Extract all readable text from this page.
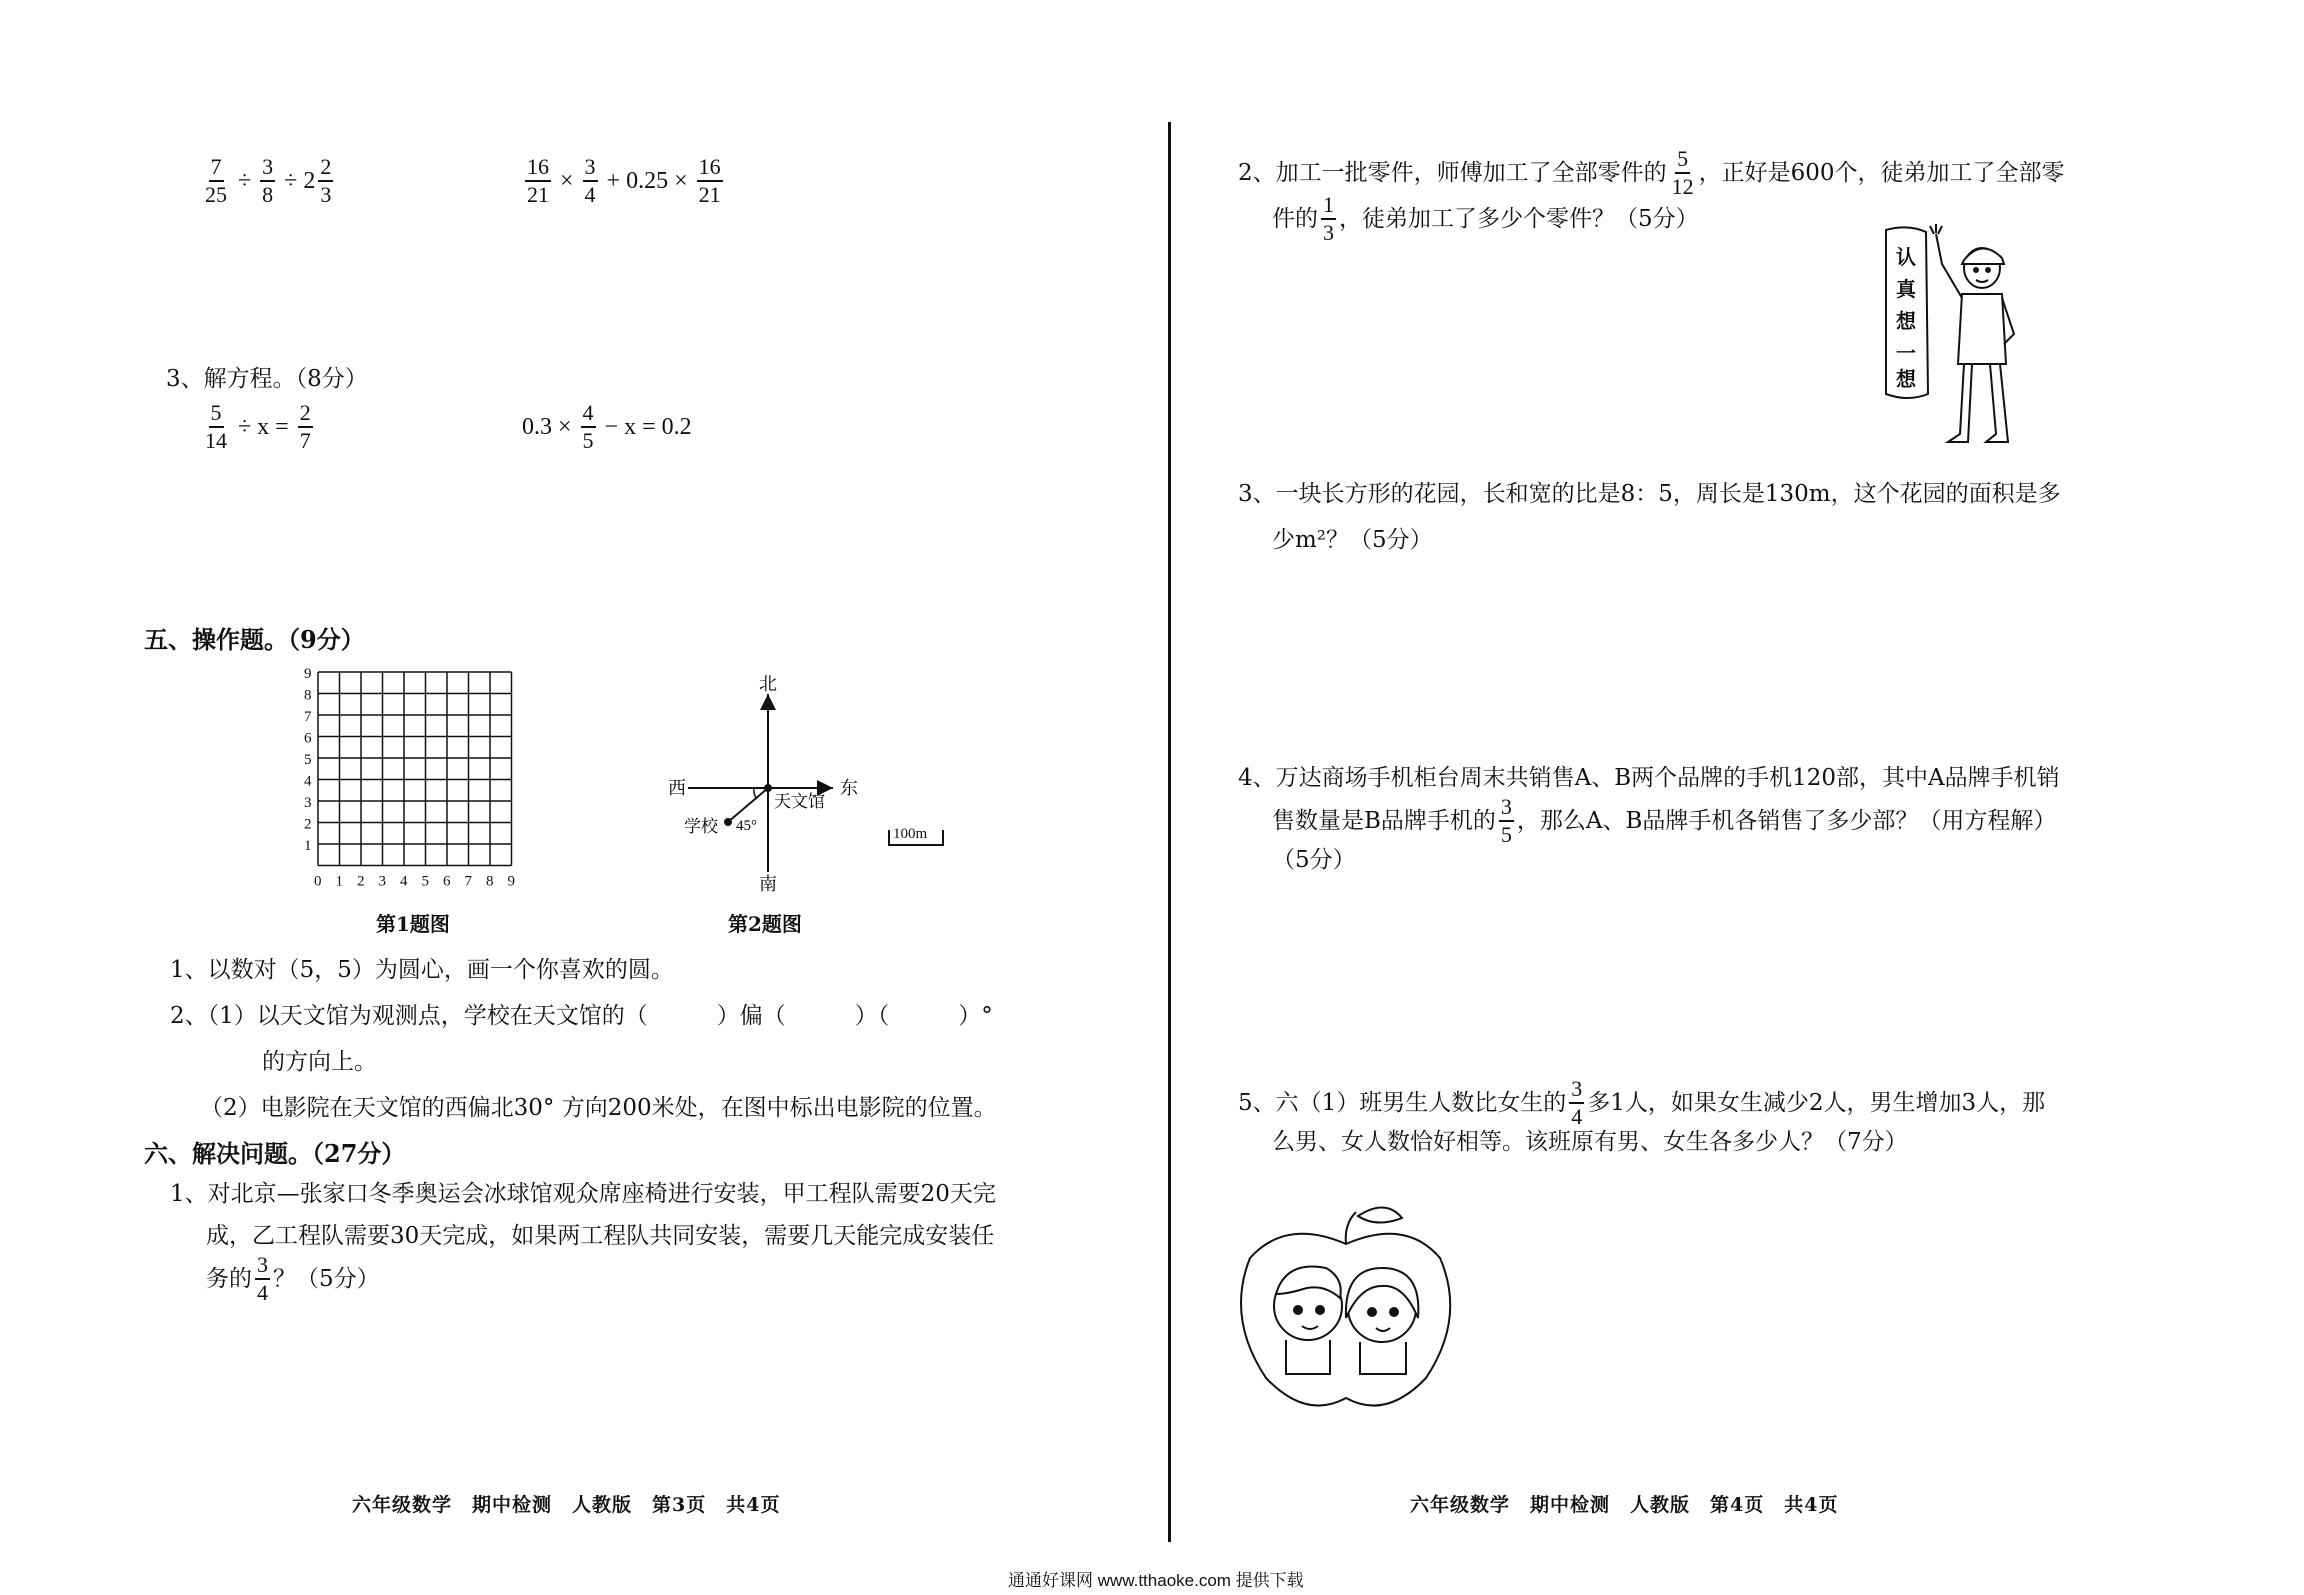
$\frac{7}{25} \div \frac{3}{8} \div 2 \frac{2}{3}$	$\frac{16}{21} \times \frac{3}{4} + 0.25 \times \frac{16}{21}$
3、解方程。（8分）
$\frac{5}{14} \div x = \frac{2}{7}$	$0.3 \times \frac{4}{5} - x = 0.2$
五、操作题。（9分）
0 1
1
2
2
3
3
4
4
5
5
6
6
7
7
8
8
9
9
第1题图
北
南
东
西
天文馆
学校 45°	100m
第2题图
1、以数对（5，5）为圆心，画一个你喜欢的圆。
2、（1）以天文馆为观测点，学校在天文馆的（　　　）偏（　　　）（　　　）°
的方向上。
（2）电影院在天文馆的西偏北30° 方向200米处，在图中标出电影院的位置。
六、解决问题。（27分）
1、对北京—张家口冬季奥运会冰球馆观众席座椅进行安装，甲工程队需要20天完
成，乙工程队需要30天完成，如果两工程队共同安装，需要几天能完成安装任
务的 $\frac{3}{4}$ ？（5分）
六年级数学　期中检测　人教版　第3页　共4页
2、加工一批零件，师傅加工了全部零件的 $\frac{5}{12}$ ，正好是600个，徒弟加工了全部零
件的 $\frac{1}{3}$ ，徒弟加工了多少个零件？（5分）
认
真
想
一
想
3、一块长方形的花园，长和宽的比是8：5，周长是130m，这个花园的面积是多
少m²？（5分）
4、万达商场手机柜台周末共销售A、B两个品牌的手机120部，其中A品牌手机销
售数量是B品牌手机的 $\frac{3}{5}$ ，那么A、B品牌手机各销售了多少部？（用方程解）
（5分）
5、六（1）班男生人数比女生的 $\frac{3}{4}$ 多1人，如果女生减少2人，男生增加3人，那
么男、女人数恰好相等。该班原有男、女生各多少人？（7分）
六年级数学　期中检测　人教版　第4页　共4页
通通好课网 www.tthaoke.com 提供下载
